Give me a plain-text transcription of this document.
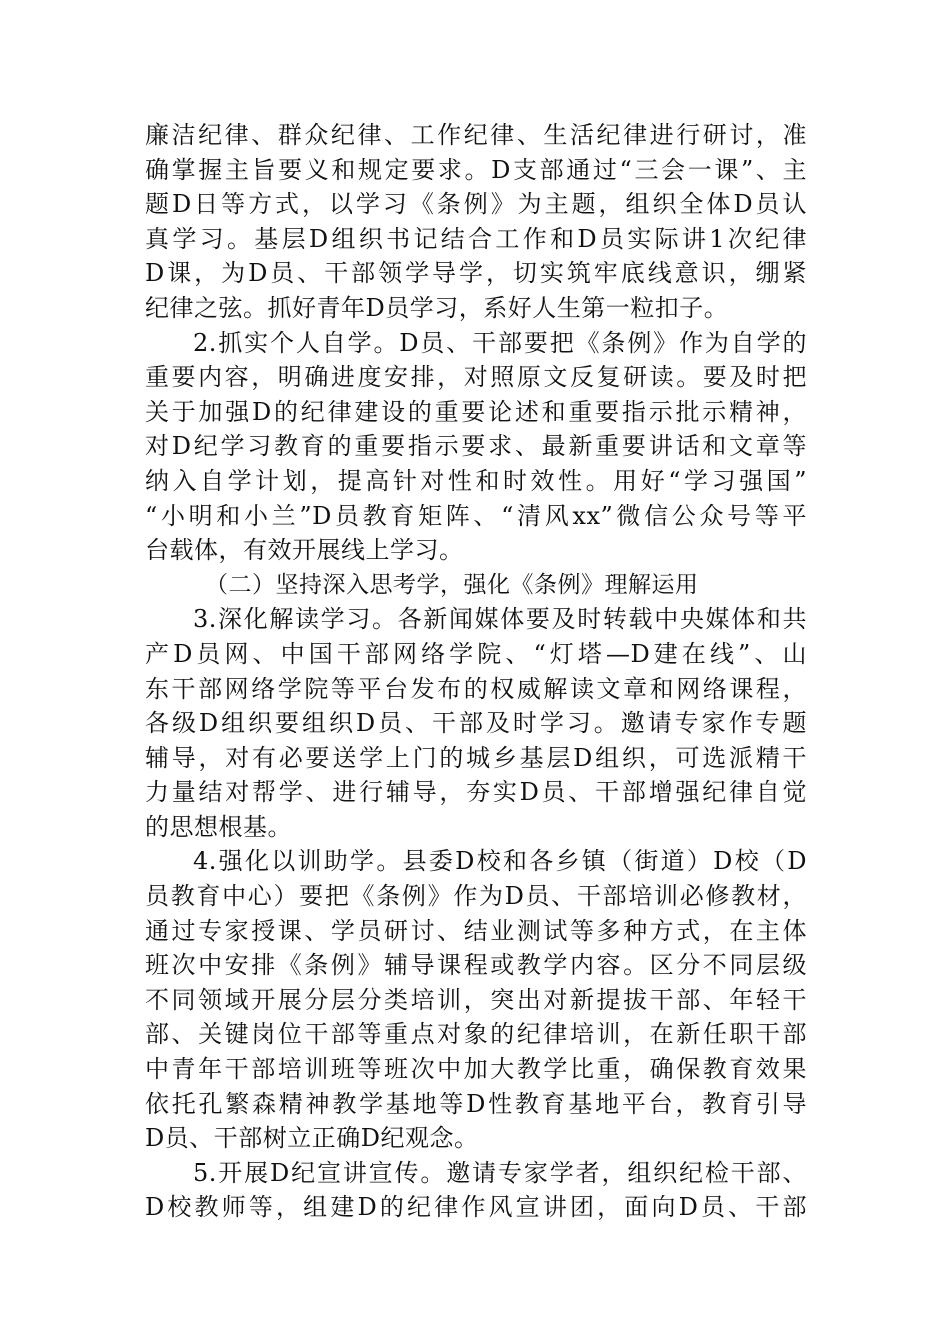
廉洁纪律、群众纪律、工作纪律、生活纪律进行研讨，准
确掌握主旨要义和规定要求。D支部通过“三会一课”、主
题D日等方式，以学习《条例》为主题，组织全体D员认
真学习。基层D组织书记结合工作和D员实际讲1次纪律
D课，为D员、干部领学导学，切实筑牢底线意识，绷紧
纪律之弦。抓好青年D员学习，系好人生第一粒扣子。
2.抓实个人自学。D员、干部要把《条例》作为自学的
重要内容，明确进度安排，对照原文反复研读。要及时把
关于加强D的纪律建设的重要论述和重要指示批示精神，
对D纪学习教育的重要指示要求、最新重要讲话和文章等
纳入自学计划，提高针对性和时效性。用好“学习强国”
“小明和小兰”D员教育矩阵、“清风xx”微信公众号等平
台载体，有效开展线上学习。
（二）坚持深入思考学，强化《条例》理解运用
3.深化解读学习。各新闻媒体要及时转载中央媒体和共
产D员网、中国干部网络学院、“灯塔—D建在线”、山
东干部网络学院等平台发布的权威解读文章和网络课程，
各级D组织要组织D员、干部及时学习。邀请专家作专题
辅导，对有必要送学上门的城乡基层D组织，可选派精干
力量结对帮学、进行辅导，夯实D员、干部增强纪律自觉
的思想根基。
4.强化以训助学。县委D校和各乡镇（街道）D校（D
员教育中心）要把《条例》作为D员、干部培训必修教材，
通过专家授课、学员研讨、结业测试等多种方式，在主体
班次中安排《条例》辅导课程或教学内容。区分不同层级
不同领域开展分层分类培训，突出对新提拔干部、年轻干
部、关键岗位干部等重点对象的纪律培训，在新任职干部
中青年干部培训班等班次中加大教学比重，确保教育效果
依托孔繁森精神教学基地等D性教育基地平台，教育引导
D员、干部树立正确D纪观念。
5.开展D纪宣讲宣传。邀请专家学者，组织纪检干部、
D校教师等，组建D的纪律作风宣讲团，面向D员、干部
